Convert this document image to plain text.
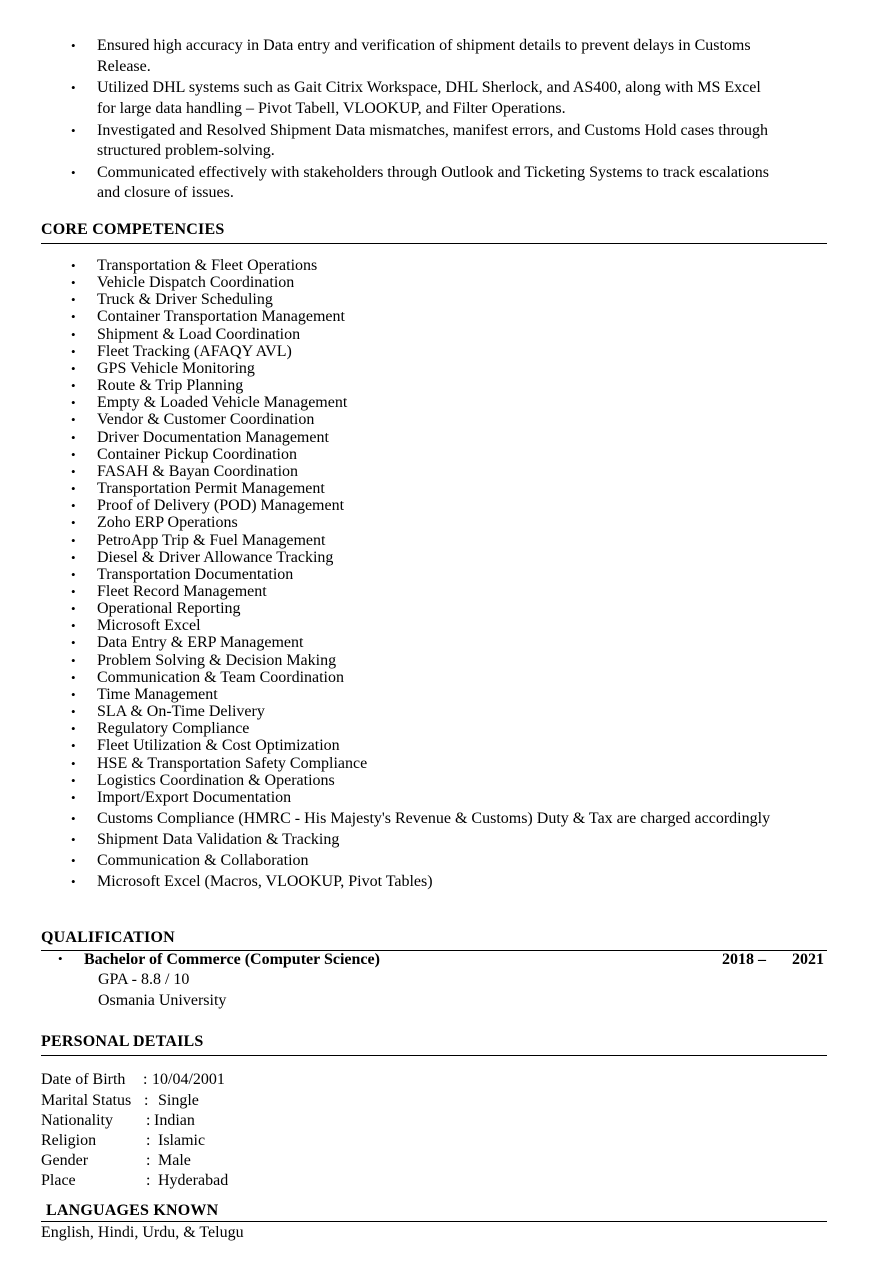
• Ensured high accuracy in Data entry and verification of shipment details to prevent delays in Customs Release.
• Utilized DHL systems such as Gait Citrix Workspace, DHL Sherlock, and AS400, along with MS Excel for large data handling – Pivot Tabell, VLOOKUP, and Filter Operations.
• Investigated and Resolved Shipment Data mismatches, manifest errors, and Customs Hold cases through structured problem-solving.
• Communicated effectively with stakeholders through Outlook and Ticketing Systems to track escalations and closure of issues.
CORE COMPETENCIES
• Transportation & Fleet Operations
• Vehicle Dispatch Coordination
• Truck & Driver Scheduling
• Container Transportation Management
• Shipment & Load Coordination
• Fleet Tracking (AFAQY AVL)
• GPS Vehicle Monitoring
• Route & Trip Planning
• Empty & Loaded Vehicle Management
• Vendor & Customer Coordination
• Driver Documentation Management
• Container Pickup Coordination
• FASAH & Bayan Coordination
• Transportation Permit Management
• Proof of Delivery (POD) Management
• Zoho ERP Operations
• PetroApp Trip & Fuel Management
• Diesel & Driver Allowance Tracking
• Transportation Documentation
• Fleet Record Management
• Operational Reporting
• Microsoft Excel
• Data Entry & ERP Management
• Problem Solving & Decision Making
• Communication & Team Coordination
• Time Management
• SLA & On-Time Delivery
• Regulatory Compliance
• Fleet Utilization & Cost Optimization
• HSE & Transportation Safety Compliance
• Logistics Coordination & Operations
• Import/Export Documentation
• Customs Compliance (HMRC - His Majesty's Revenue & Customs) Duty & Tax are charged accordingly
• Shipment Data Validation & Tracking
• Communication & Collaboration
• Microsoft Excel (Macros, VLOOKUP, Pivot Tables)
QUALIFICATION
• Bachelor of Commerce (Computer Science)	2018 – 2021
GPA - 8.8 / 10
Osmania University
PERSONAL DETAILS
Date of Birth : 10/04/2001
Marital Status : Single
Nationality : Indian
Religion	: Islamic
Gender	: Male
Place	: Hyderabad
LANGUAGES KNOWN
English, Hindi, Urdu, & Telugu
